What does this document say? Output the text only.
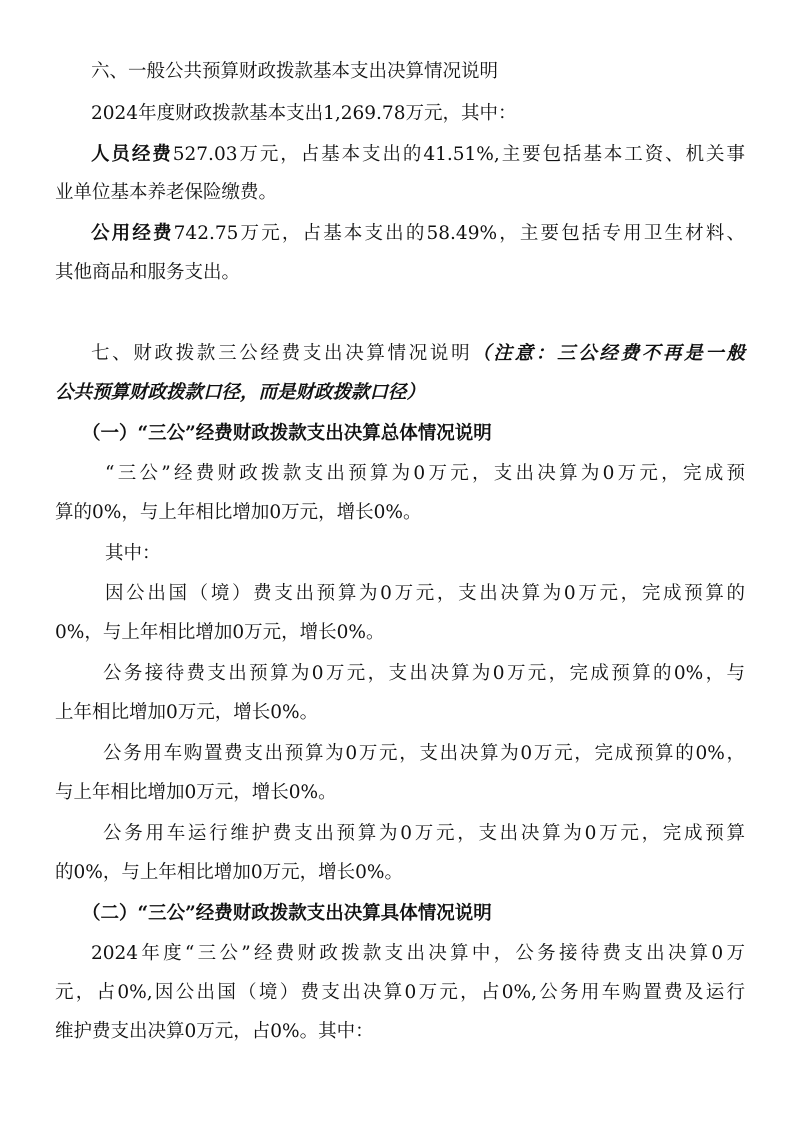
六、一般公共预算财政拨款基本支出决算情况说明
2024年度财政拨款基本支出1,269.78万元，其中：
人员经费527.03万元，占基本支出的41.51%,主要包括基本工资、机关事
业单位基本养老保险缴费。
公用经费742.75万元，占基本支出的58.49%，主要包括专用卫生材料、
其他商品和服务支出。
七、财政拨款三公经费支出决算情况说明（注意：三公经费不再是一般
公共预算财政拨款口径，而是财政拨款口径）
（一）“三公”经费财政拨款支出决算总体情况说明
“三公”经费财政拨款支出预算为0万元，支出决算为0万元，完成预
算的0%，与上年相比增加0万元，增长0%。
其中：
因公出国（境）费支出预算为0万元，支出决算为0万元，完成预算的
0%，与上年相比增加0万元，增长0%。
公务接待费支出预算为0万元，支出决算为0万元，完成预算的0%，与
上年相比增加0万元，增长0%。
公务用车购置费支出预算为0万元，支出决算为0万元，完成预算的0%，
与上年相比增加0万元，增长0%。
公务用车运行维护费支出预算为0万元，支出决算为0万元，完成预算
的0%，与上年相比增加0万元，增长0%。
（二）“三公”经费财政拨款支出决算具体情况说明
2024年度“三公”经费财政拨款支出决算中，公务接待费支出决算0万
元，占0%,因公出国（境）费支出决算0万元，占0%,公务用车购置费及运行
维护费支出决算0万元，占0%。其中：
